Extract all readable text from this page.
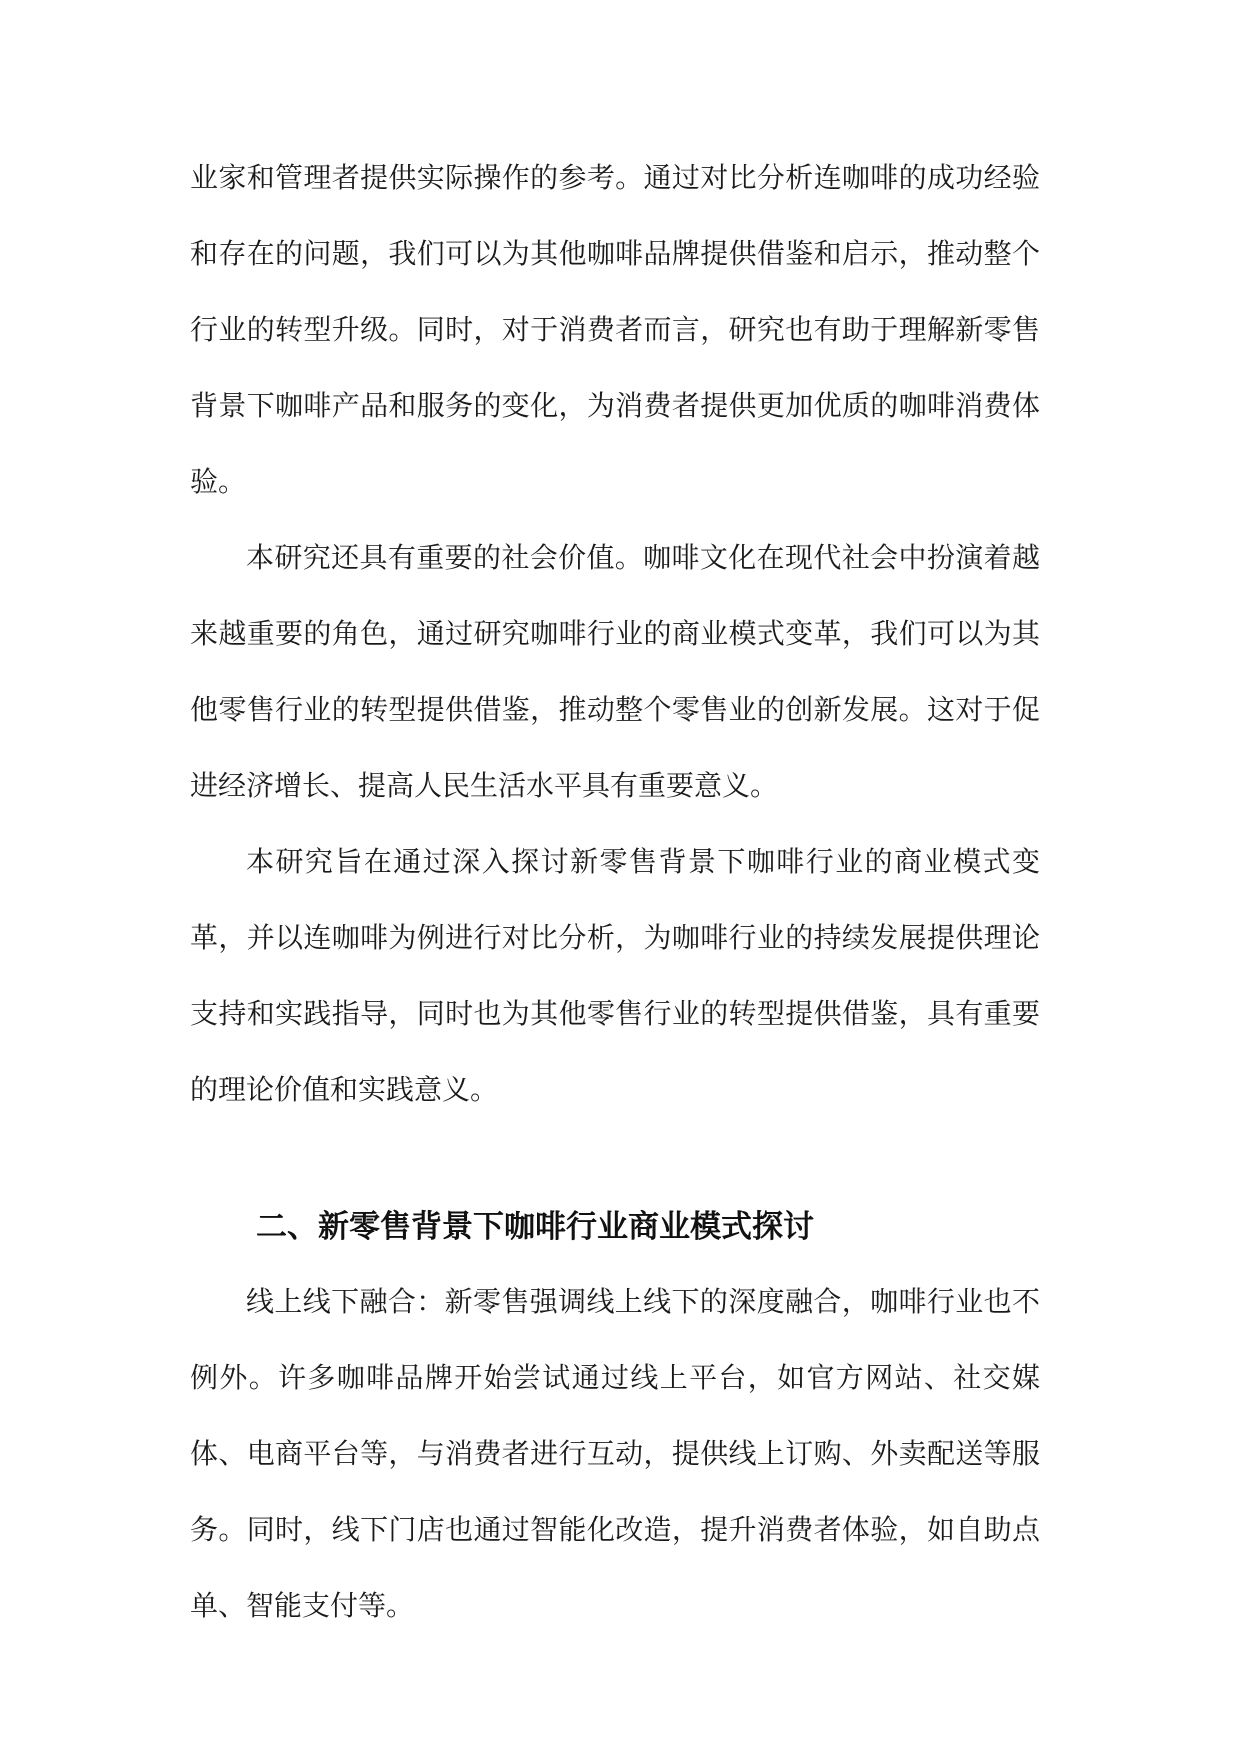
业家和管理者提供实际操作的参考。通过对比分析连咖啡的成功经验和存在的问题，我们可以为其他咖啡品牌提供借鉴和启示，推动整个行业的转型升级。同时，对于消费者而言，研究也有助于理解新零售背景下咖啡产品和服务的变化，为消费者提供更加优质的咖啡消费体验。

本研究还具有重要的社会价值。咖啡文化在现代社会中扮演着越来越重要的角色，通过研究咖啡行业的商业模式变革，我们可以为其他零售行业的转型提供借鉴，推动整个零售业的创新发展。这对于促进经济增长、提高人民生活水平具有重要意义。

本研究旨在通过深入探讨新零售背景下咖啡行业的商业模式变革，并以连咖啡为例进行对比分析，为咖啡行业的持续发展提供理论支持和实践指导，同时也为其他零售行业的转型提供借鉴，具有重要的理论价值和实践意义。

二、新零售背景下咖啡行业商业模式探讨

线上线下融合：新零售强调线上线下的深度融合，咖啡行业也不例外。许多咖啡品牌开始尝试通过线上平台，如官方网站、社交媒体、电商平台等，与消费者进行互动，提供线上订购、外卖配送等服务。同时，线下门店也通过智能化改造，提升消费者体验，如自助点单、智能支付等。
